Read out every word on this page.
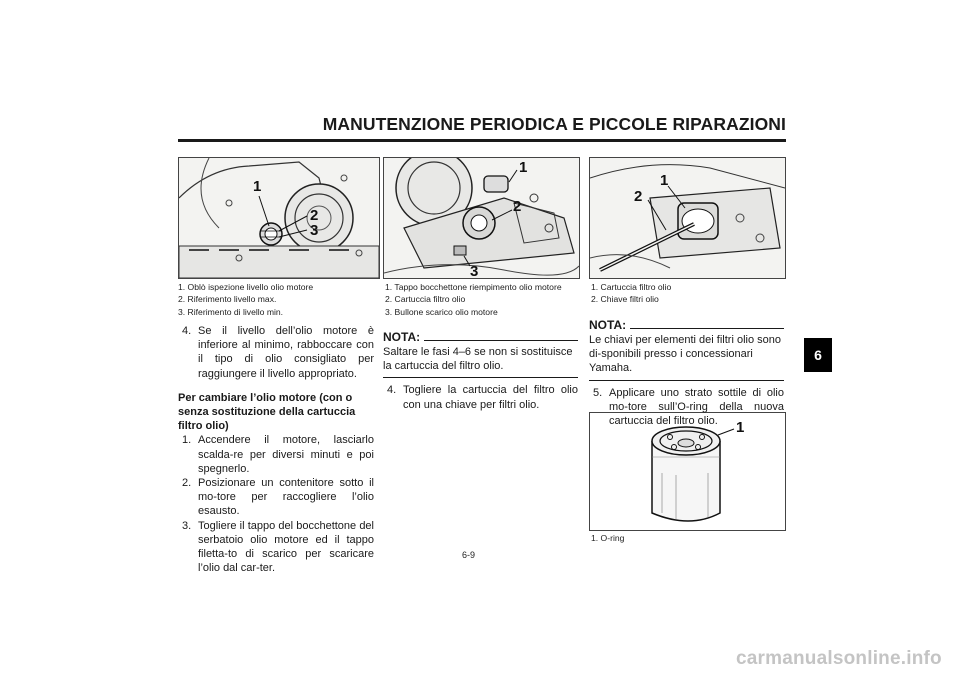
MANUTENZIONE PERIODICA E PICCOLE RIPARAZIONI
6
1
2
3
1
2
3
1
2
1
1. Oblò ispezione livello olio motore
2. Riferimento livello max.
3. Riferimento di livello min.
1. Tappo bocchettone riempimento olio motore
2. Cartuccia filtro olio
3. Bullone scarico olio motore
1. Cartuccia filtro olio
2. Chiave filtri olio
1. O-ring
4. Se il livello dell’olio motore è inferiore al minimo, rabboccare con il tipo di olio consigliato per raggiungere il livello appropriato.
Per cambiare l’olio motore (con o senza sostituzione della cartuccia filtro olio)
1. Accendere il motore, lasciarlo scalda-re per diversi minuti e poi spegnerlo.
2. Posizionare un contenitore sotto il mo-tore per raccogliere l’olio esausto.
3. Togliere il tappo del bocchettone del serbatoio olio motore ed il tappo filetta-to di scarico per scaricare l’olio dal car-ter.
NOTA:
Saltare le fasi 4–6 se non si sostituisce la cartuccia del filtro olio.
4. Togliere la cartuccia del filtro olio con una chiave per filtri olio.
NOTA:
Le chiavi per elementi dei filtri olio sono di-sponibili presso i concessionari Yamaha.
5. Applicare uno strato sottile di olio mo-tore sull’O-ring della nuova cartuccia del filtro olio.
6-9
carmanualsonline.info
